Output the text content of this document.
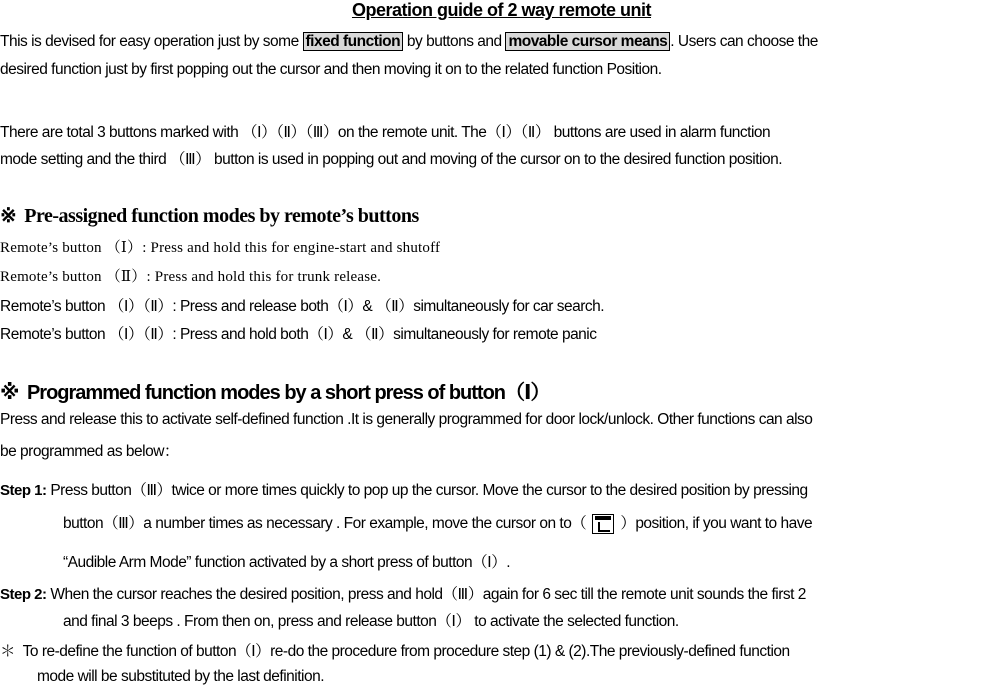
Operation guide of 2 way remote unit
This is devised for easy operation just by some fixed function by buttons and movable cursor means . Users can choose the
desired function just by first popping out the cursor and then moving it on to the related function Position.
There are total 3 buttons marked with （Ⅰ）（Ⅱ）（Ⅲ）on the remote unit. The（Ⅰ）（Ⅱ） buttons are used in alarm function
mode setting and the third （Ⅲ） button is used in popping out and moving of the cursor on to the desired function position.
※ Pre-assigned function modes by remote’s buttons
Remote’s button （Ⅰ）: Press and hold this for engine-start and shutoff
Remote’s button （Ⅱ）: Press and hold this for trunk release.
Remote’s button （Ⅰ）（Ⅱ）: Press and release both（Ⅰ）& （Ⅱ）simultaneously for car search.
Remote’s button （Ⅰ）（Ⅱ）: Press and hold both（Ⅰ）& （Ⅱ）simultaneously for remote panic
※ Programmed function modes by a short press of button（Ⅰ）
Press and release this to activate self-defined function .It is generally programmed for door lock/unlock. Other functions can also
be programmed as below：
Step 1: Press button（Ⅲ）twice or more times quickly to pop up the cursor. Move the cursor to the desired position by pressing
button（Ⅲ）a number times as necessary . For example, move the cursor on to（ ）position, if you want to have
“Audible Arm Mode” function activated by a short press of button（Ⅰ）.
Step 2: When the cursor reaches the desired position, press and hold（Ⅲ）again for 6 sec till the remote unit sounds the first 2
and final 3 beeps . From then on, press and release button（Ⅰ） to activate the selected function.
＊ To re-define the function of button（Ⅰ）re-do the procedure from procedure step (1) & (2).The previously-defined function
mode will be substituted by the last definition.
